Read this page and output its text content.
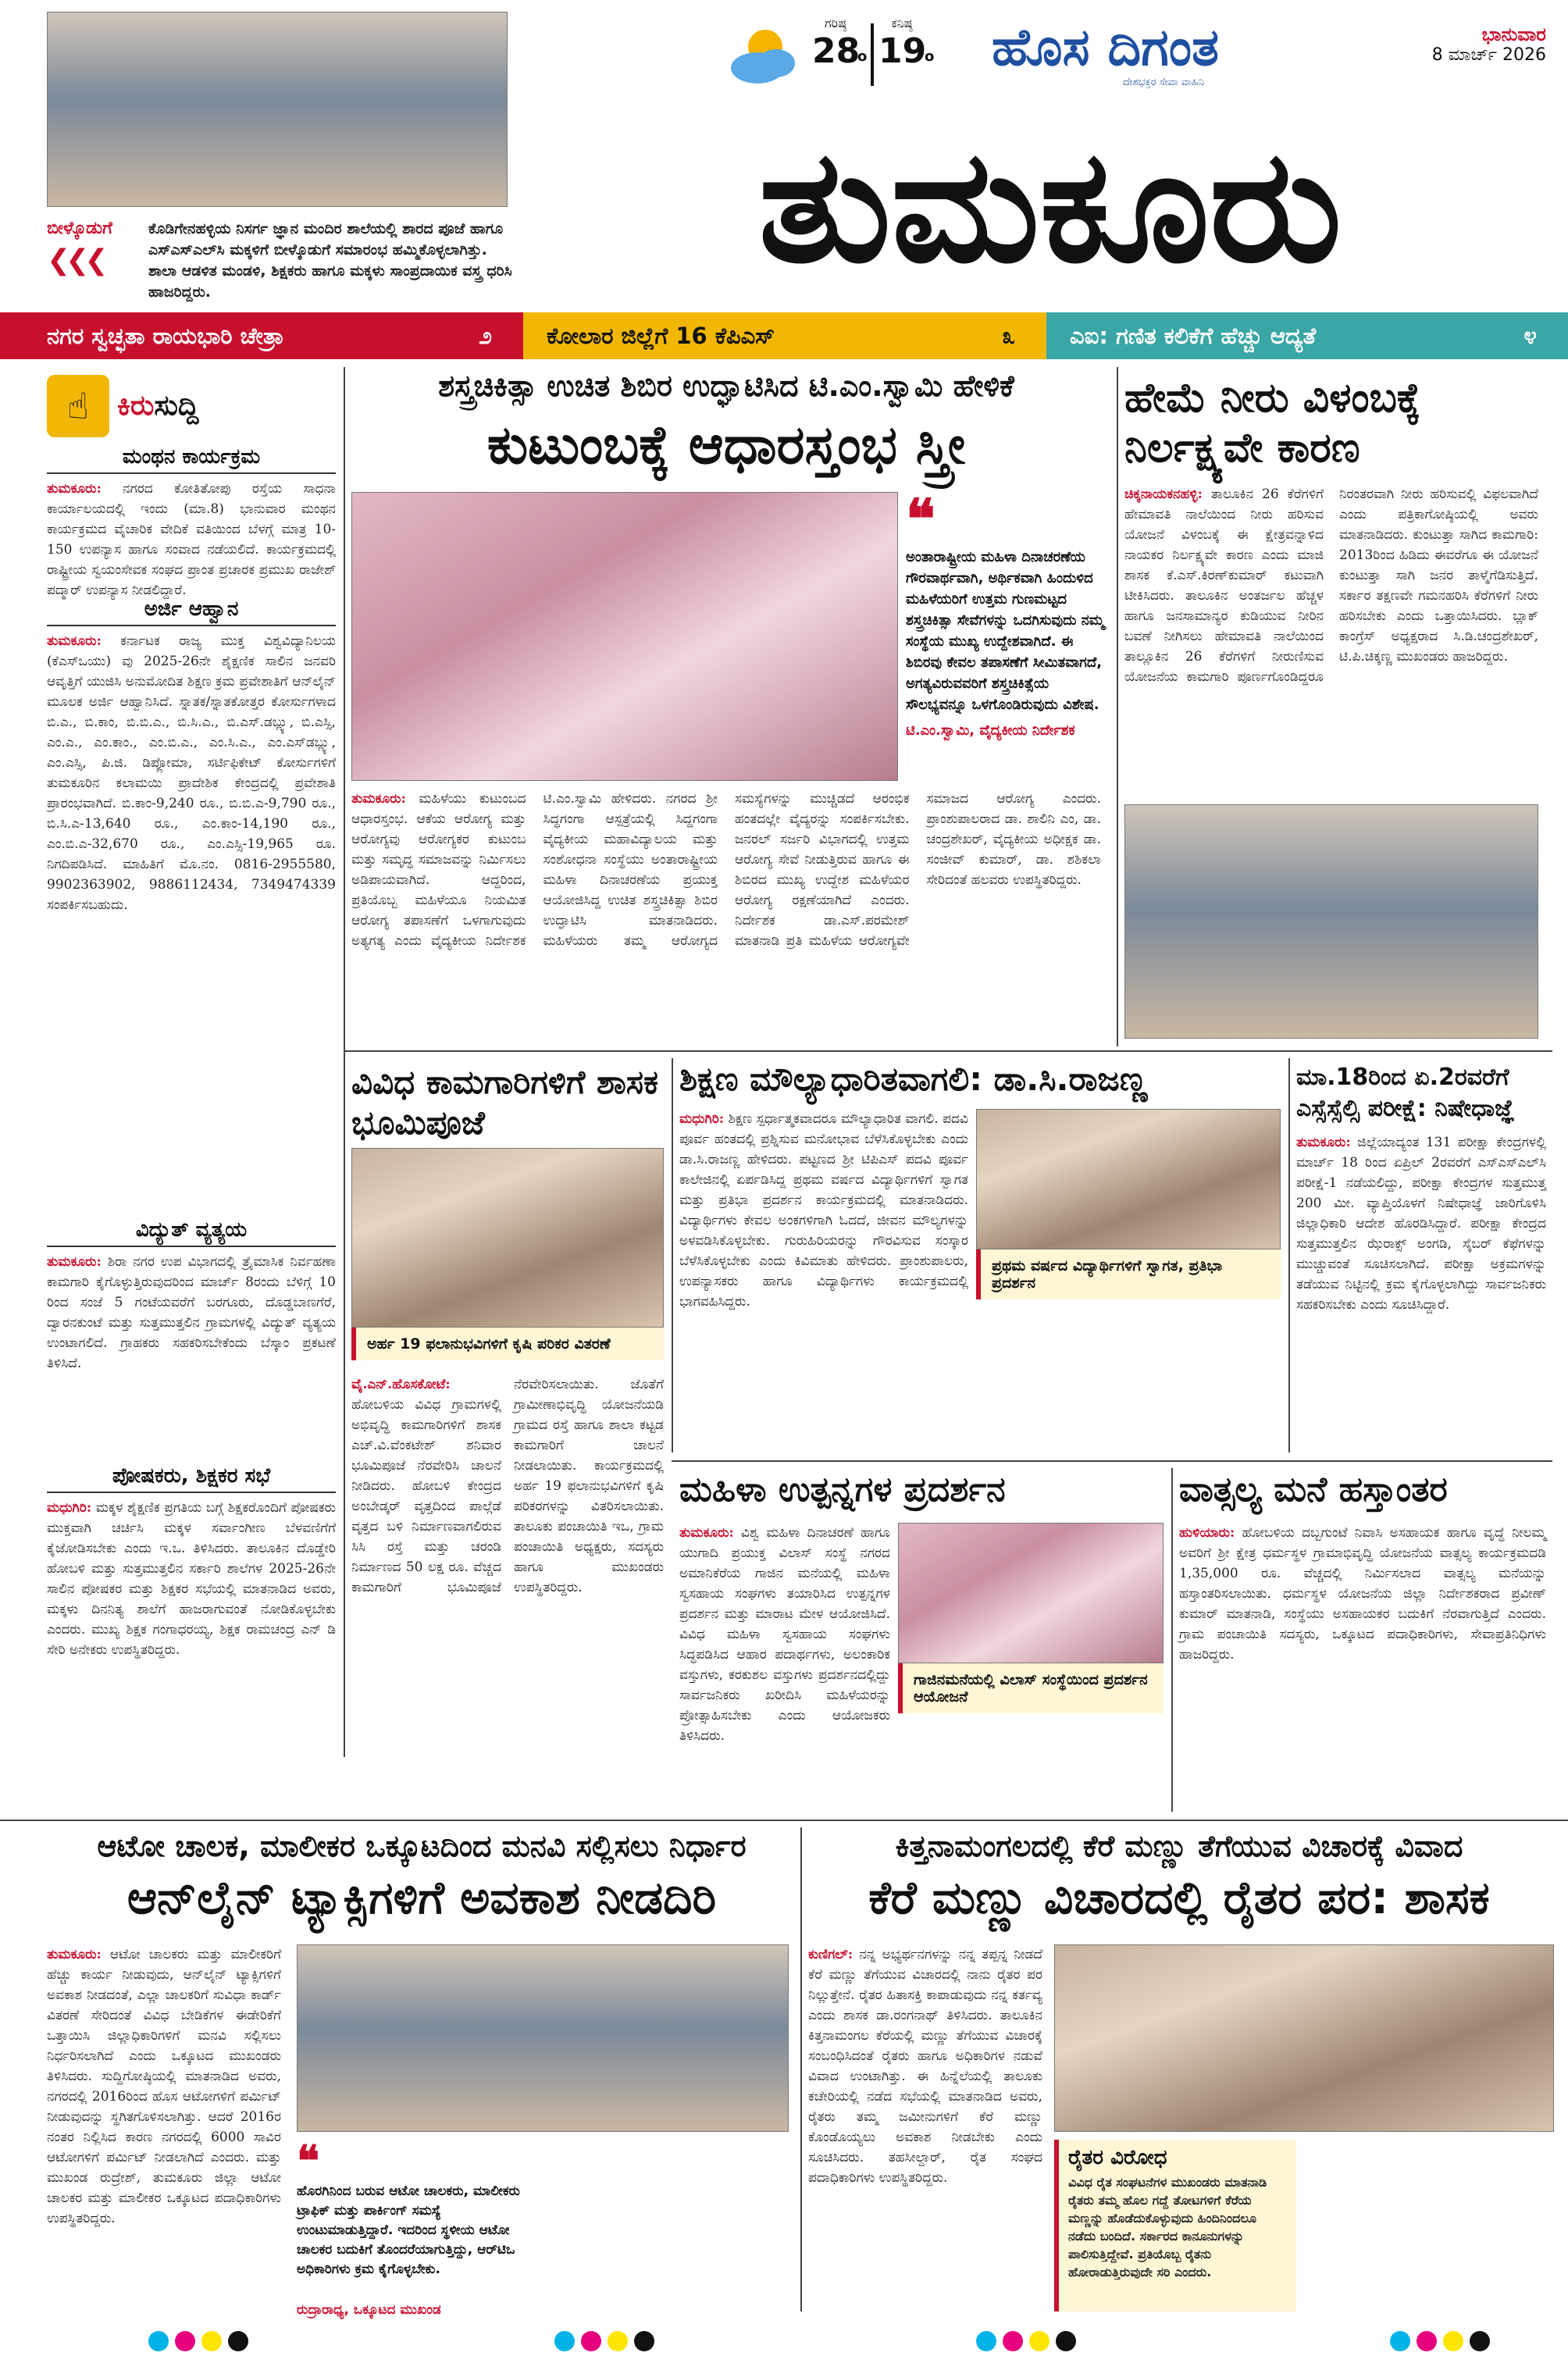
ಬೀಳ್ಕೊಡುಗೆ
❮❮❮
ಕೊಡಿಗೇನಹಳ್ಳಿಯ ನಿಸರ್ಗ ಜ್ಞಾನ ಮಂದಿರ ಶಾಲೆಯಲ್ಲಿ ಶಾರದ ಪೂಜೆ ಹಾಗೂ ಎಸ್‌ಎಸ್‌ಎಲ್‌ಸಿ ಮಕ್ಕಳಿಗೆ ಬೀಳ್ಕೊಡುಗೆ ಸಮಾರಂಭ ಹಮ್ಮಿಕೊಳ್ಳಲಾಗಿತ್ತು. ಶಾಲಾ ಆಡಳಿತ ಮಂಡಳಿ, ಶಿಕ್ಷಕರು ಹಾಗೂ ಮಕ್ಕಳು ಸಾಂಪ್ರದಾಯಿಕ ವಸ್ತ್ರ ಧರಿಸಿ ಹಾಜರಿದ್ದರು.
ಗರಿಷ್ಠ
28
o
ಕನಿಷ್ಠ
19
o ಹೊಸ ದಿಗಂತ
ದೇಶಭಕ್ತರ ಸೇವಾ ವಾಹಿನಿ
ಭಾನುವಾರ
8 ಮಾರ್ಚ್ 2026
ತುಮಕೂರು
ನಗರ ಸ್ವಚ್ಛತಾ ರಾಯಭಾರಿ ಚೇತ್ರಾ	೨	ಕೋಲಾರ ಜಿಲ್ಲೆಗೆ 16 ಕೆಪಿಎಸ್	೩	ಎಐ: ಗಣಿತ ಕಲಿಕೆಗೆ ಹೆಚ್ಚು ಆದ್ಯತೆ	೪
☝	ಕಿರುಸುದ್ದಿ
ಮಂಥನ ಕಾರ್ಯಕ್ರಮ
ತುಮಕೂರು: ನಗರದ ಕೋತಿತೋಪು ರಸ್ತೆಯ ಸಾಧನಾ ಕಾರ್ಯಾಲಯದಲ್ಲಿ ಇಂದು (ಮಾ.8) ಭಾನುವಾರ ಮಂಥನ ಕಾರ್ಯಕ್ರಮದ ವೈಚಾರಿಕ ವೇದಿಕೆ ವತಿಯಿಂದ ಬೆಳಗ್ಗೆ ಮಾತ್ರ 10-150 ಉಪನ್ಯಾಸ ಹಾಗೂ ಸಂವಾದ ನಡೆಯಲಿದೆ. ಕಾರ್ಯಕ್ರಮದಲ್ಲಿ ರಾಷ್ಟ್ರೀಯ ಸ್ವಯಂಸೇವಕ ಸಂಘದ ಪ್ರಾಂತ ಪ್ರಚಾರಕ ಪ್ರಮುಖ ರಾಜೇಶ್ ಪದ್ಮಾರ್ ಉಪನ್ಯಾಸ ನೀಡಲಿದ್ದಾರೆ.
ಅರ್ಜಿ ಆಹ್ವಾನ
ತುಮಕೂರು: ಕರ್ನಾಟಕ ರಾಜ್ಯ ಮುಕ್ತ ವಿಶ್ವವಿದ್ಯಾನಿಲಯ (ಕೆಎಸ್‌ಒಯು) ವು 2025-26ನೇ ಶೈಕ್ಷಣಿಕ ಸಾಲಿನ ಜನವರಿ ಆವೃತ್ತಿಗೆ ಯುಜಿಸಿ ಅನುಮೋದಿತ ಶಿಕ್ಷಣ ಕ್ರಮ ಪ್ರವೇಶಾತಿಗೆ ಆನ್‌ಲೈನ್ ಮೂಲಕ ಅರ್ಜಿ ಆಹ್ವಾನಿಸಿದೆ. ಸ್ನಾತಕ/ಸ್ನಾತಕೋತ್ತರ ಕೋರ್ಸುಗಳಾದ ಬಿ.ಎ., ಬಿ.ಕಾಂ, ಬಿ.ಬಿ.ಎ., ಬಿ.ಸಿ.ಎ., ಬಿ.ಎಸ್.ಡಬ್ಲ್ಯು, ಬಿ.ಎಸ್ಸಿ, ಎಂ.ಎ., ಎಂ.ಕಾಂ., ಎಂ.ಬಿ.ಎ., ಎಂ.ಸಿ.ಎ., ಎಂ.ಎಸ್‌ಡಬ್ಲ್ಯು, ಎಂ.ಎಸ್ಸಿ, ಪಿ.ಜಿ. ಡಿಪ್ಲೋಮಾ, ಸರ್ಟಿಫಿಕೇಟ್ ಕೋರ್ಸುಗಳಿಗೆ ತುಮಕೂರಿನ ಕಲಾಮಯಿ ಪ್ರಾದೇಶಿಕ ಕೇಂದ್ರದಲ್ಲಿ ಪ್ರವೇಶಾತಿ ಪ್ರಾರಂಭವಾಗಿದೆ. ಬಿ.ಕಾಂ-9,240 ರೂ., ಬಿ.ಬಿ.ಎ-9,790 ರೂ., ಬಿ.ಸಿ.ಎ-13,640 ರೂ., ಎಂ.ಕಾಂ-14,190 ರೂ., ಎಂ.ಬಿ.ಎ-32,670 ರೂ., ಎಂ.ಎಸ್ಸಿ-19,965 ರೂ. ನಿಗದಿಪಡಿಸಿದೆ. ಮಾಹಿತಿಗೆ ಮೊ.ನಂ. 0816-2955580, 9902363902, 9886112434, 7349474339 ಸಂಪರ್ಕಿಸಬಹುದು.
ವಿದ್ಯುತ್ ವ್ಯತ್ಯಯ
ತುಮಕೂರು: ಶಿರಾ ನಗರ ಉಪ ವಿಭಾಗದಲ್ಲಿ ತ್ರೈಮಾಸಿಕ ನಿರ್ವಹಣಾ ಕಾಮಗಾರಿ ಕೈಗೊಳ್ಳುತ್ತಿರುವುದರಿಂದ ಮಾರ್ಚ್ 8ರಂದು ಬೆಳಿಗ್ಗೆ 10 ರಿಂದ ಸಂಜೆ 5 ಗಂಟೆಯವರೆಗೆ ಬರಗೂರು, ದೊಡ್ಡಬಾಣಗೆರೆ, ದ್ವಾರನಕುಂಟೆ ಮತ್ತು ಸುತ್ತಮುತ್ತಲಿನ ಗ್ರಾಮಗಳಲ್ಲಿ ವಿದ್ಯುತ್ ವ್ಯತ್ಯಯ ಉಂಟಾಗಲಿದೆ. ಗ್ರಾಹಕರು ಸಹಕರಿಸಬೇಕೆಂದು ಬೆಸ್ಕಾಂ ಪ್ರಕಟಣೆ ತಿಳಿಸಿದೆ.
ಪೋಷಕರು, ಶಿಕ್ಷಕರ ಸಭೆ
ಮಧುಗಿರಿ: ಮಕ್ಕಳ ಶೈಕ್ಷಣಿಕ ಪ್ರಗತಿಯ ಬಗ್ಗೆ ಶಿಕ್ಷಕರೊಂದಿಗೆ ಪೋಷಕರು ಮುಕ್ತವಾಗಿ ಚರ್ಚಿಸಿ ಮಕ್ಕಳ ಸರ್ವಾಂಗೀಣ ಬೆಳವಣಿಗೆಗೆ ಕೈಜೋಡಿಸಬೇಕು ಎಂದು ಇ.ಒ. ತಿಳಿಸಿದರು. ತಾಲೂಕಿನ ದೊಡ್ಡೇರಿ ಹೋಬಳಿ ಮತ್ತು ಸುತ್ತಮುತ್ತಲಿನ ಸರ್ಕಾರಿ ಶಾಲೆಗಳ 2025-26ನೇ ಸಾಲಿನ ಪೋಷಕರ ಮತ್ತು ಶಿಕ್ಷಕರ ಸಭೆಯಲ್ಲಿ ಮಾತನಾಡಿದ ಅವರು, ಮಕ್ಕಳು ದಿನನಿತ್ಯ ಶಾಲೆಗೆ ಹಾಜರಾಗುವಂತೆ ನೋಡಿಕೊಳ್ಳಬೇಕು ಎಂದರು. ಮುಖ್ಯ ಶಿಕ್ಷಕ ಗಂಗಾಧರಯ್ಯ, ಶಿಕ್ಷಕ ರಾಮಚಂದ್ರ ಎನ್ ಡಿ ಸೇರಿ ಅನೇಕರು ಉಪಸ್ಥಿತರಿದ್ದರು.
ಶಸ್ತ್ರಚಿಕಿತ್ಸಾ ಉಚಿತ ಶಿಬಿರ ಉದ್ಘಾಟಿಸಿದ ಟಿ.ಎಂ.ಸ್ವಾಮಿ ಹೇಳಿಕೆ
ಕುಟುಂಬಕ್ಕೆ ಆಧಾರಸ್ತಂಭ ಸ್ತ್ರೀ
❝
ಅಂತಾರಾಷ್ಟ್ರೀಯ ಮಹಿಳಾ ದಿನಾಚರಣೆಯ ಗೌರವಾರ್ಥವಾಗಿ, ಅರ್ಥಿಕವಾಗಿ ಹಿಂದುಳಿದ ಮಹಿಳೆಯರಿಗೆ ಉತ್ತಮ ಗುಣಮಟ್ಟದ ಶಸ್ತ್ರಚಿಕಿತ್ಸಾ ಸೇವೆಗಳನ್ನು ಒದಗಿಸುವುದು ನಮ್ಮ ಸಂಸ್ಥೆಯ ಮುಖ್ಯ ಉದ್ದೇಶವಾಗಿದೆ. ಈ ಶಿಬಿರವು ಕೇವಲ ತಪಾಸಣೆಗೆ ಸೀಮಿತವಾಗದೆ, ಅಗತ್ಯವಿರುವವರಿಗೆ ಶಸ್ತ್ರಚಿಕಿತ್ಸೆಯ ಸೌಲಭ್ಯವನ್ನೂ ಒಳಗೊಂಡಿರುವುದು ವಿಶೇಷ.
ಟಿ.ಎಂ.ಸ್ವಾಮಿ, ವೈದ್ಯಕೀಯ ನಿರ್ದೇಶಕ
ತುಮಕೂರು: ಮಹಿಳೆಯು ಕುಟುಂಬದ ಆಧಾರಸ್ತಂಭ. ಆಕೆಯ ಆರೋಗ್ಯ ಮತ್ತು ಆರೋಗ್ಯವು ಆರೋಗ್ಯಕರ ಕುಟುಂಬ ಮತ್ತು ಸಮೃದ್ಧ ಸಮಾಜವನ್ನು ನಿರ್ಮಿಸಲು ಅಡಿಪಾಯವಾಗಿದೆ. ಆದ್ದರಿಂದ, ಪ್ರತಿಯೊಬ್ಬ ಮಹಿಳೆಯೂ ನಿಯಮಿತ ಆರೋಗ್ಯ ತಪಾಸಣೆಗೆ ಒಳಗಾಗುವುದು ಅತ್ಯಗತ್ಯ ಎಂದು ವೈದ್ಯಕೀಯ ನಿರ್ದೇಶಕ ಟಿ.ಎಂ.ಸ್ವಾಮಿ ಹೇಳಿದರು. ನಗರದ ಶ್ರೀ ಸಿದ್ಧಗಂಗಾ ಆಸ್ಪತ್ರೆಯಲ್ಲಿ ಸಿದ್ದಗಂಗಾ ವೈದ್ಯಕೀಯ ಮಹಾವಿದ್ಯಾಲಯ ಮತ್ತು ಸಂಶೋಧನಾ ಸಂಸ್ಥೆಯು ಅಂತಾರಾಷ್ಟ್ರೀಯ ಮಹಿಳಾ ದಿನಾಚರಣೆಯ ಪ್ರಯುಕ್ತ ಆಯೋಜಿಸಿದ್ದ ಉಚಿತ ಶಸ್ತ್ರಚಿಕಿತ್ಸಾ ಶಿಬಿರ ಉದ್ಘಾಟಿಸಿ ಮಾತನಾಡಿದರು. ಮಹಿಳೆಯರು ತಮ್ಮ ಆರೋಗ್ಯದ ಸಮಸ್ಯೆಗಳನ್ನು ಮುಚ್ಚಿಡದೆ ಆರಂಭಿಕ ಹಂತದಲ್ಲೇ ವೈದ್ಯರನ್ನು ಸಂಪರ್ಕಿಸಬೇಕು. ಜನರಲ್ ಸರ್ಜರಿ ವಿಭಾಗದಲ್ಲಿ ಉತ್ತಮ ಆರೋಗ್ಯ ಸೇವೆ ನೀಡುತ್ತಿರುವ ಹಾಗೂ ಈ ಶಿಬಿರದ ಮುಖ್ಯ ಉದ್ದೇಶ ಮಹಿಳೆಯರ ಆರೋಗ್ಯ ರಕ್ಷಣೆಯಾಗಿದೆ ಎಂದರು. ನಿರ್ದೇಶಕ ಡಾ.ಎಸ್.ಪರಮೇಶ್ ಮಾತನಾಡಿ ಪ್ರತಿ ಮಹಿಳೆಯ ಆರೋಗ್ಯವೇ ಸಮಾಜದ ಆರೋಗ್ಯ ಎಂದರು. ಪ್ರಾಂಶುಪಾಲರಾದ ಡಾ. ಶಾಲಿನಿ ಎಂ, ಡಾ. ಚಂದ್ರಶೇಖರ್, ವೈದ್ಯಕೀಯ ಅಧೀಕ್ಷಕ ಡಾ. ಸಂಜೀವ್ ಕುಮಾರ್, ಡಾ. ಶಶಿಕಲಾ ಸೇರಿದಂತೆ ಹಲವರು ಉಪಸ್ಥಿತರಿದ್ದರು.
ಹೇಮೆ ನೀರು ವಿಳಂಬಕ್ಕೆ ನಿರ್ಲಕ್ಷ್ಯವೇ ಕಾರಣ
ಚಿಕ್ಕನಾಯಕನಹಳ್ಳಿ: ತಾಲೂಕಿನ 26 ಕೆರೆಗಳಿಗೆ ಹೇಮಾವತಿ ನಾಲೆಯಿಂದ ನೀರು ಹರಿಸುವ ಯೋಜನೆ ವಿಳಂಬಕ್ಕೆ ಈ ಕ್ಷೇತ್ರವನ್ನಾಳಿದ ನಾಯಕರ ನಿರ್ಲಕ್ಷ್ಯವೇ ಕಾರಣ ಎಂದು ಮಾಜಿ ಶಾಸಕ ಕೆ.ಎಸ್.ಕಿರಣ್‌ಕುಮಾರ್ ಕಟುವಾಗಿ ಟೀಕಿಸಿದರು. ತಾಲೂಕಿನ ಅಂತರ್ಜಲ ಹೆಚ್ಚಳ ಹಾಗೂ ಜನಸಾಮಾನ್ಯರ ಕುಡಿಯುವ ನೀರಿನ ಬವಣೆ ನೀಗಿಸಲು ಹೇಮಾವತಿ ನಾಲೆಯಿಂದ ತಾಲ್ಲೂಕಿನ 26 ಕೆರೆಗಳಿಗೆ ನೀರುಣಿಸುವ ಯೋಜನೆಯ ಕಾಮಗಾರಿ ಪೂರ್ಣಗೊಂಡಿದ್ದರೂ ನಿರಂತರವಾಗಿ ನೀರು ಹರಿಸುವಲ್ಲಿ ವಿಫಲವಾಗಿದೆ ಎಂದು ಪತ್ರಿಕಾಗೋಷ್ಠಿಯಲ್ಲಿ ಅವರು ಮಾತನಾಡಿದರು. ಕುಂಟುತ್ತಾ ಸಾಗಿದ ಕಾಮಗಾರಿ: 2013ರಿಂದ ಹಿಡಿದು ಈವರೆಗೂ ಈ ಯೋಜನೆ ಕುಂಟುತ್ತಾ ಸಾಗಿ ಜನರ ತಾಳ್ಮೆಗೆಡಿಸುತ್ತಿದೆ. ಸರ್ಕಾರ ತಕ್ಷಣವೇ ಗಮನಹರಿಸಿ ಕೆರೆಗಳಿಗೆ ನೀರು ಹರಿಸಬೇಕು ಎಂದು ಒತ್ತಾಯಿಸಿದರು. ಬ್ಲಾಕ್ ಕಾಂಗ್ರೆಸ್ ಅಧ್ಯಕ್ಷರಾದ ಸಿ.ಡಿ.ಚಂದ್ರಶೇಖರ್, ಟಿ.ಪಿ.ಚಿಕ್ಕಣ್ಣ ಮುಖಂಡರು ಹಾಜರಿದ್ದರು.
ವಿವಿಧ ಕಾಮಗಾರಿಗಳಿಗೆ ಶಾಸಕ ಭೂಮಿಪೂಜೆ
ಅರ್ಹ 19 ಫಲಾನುಭವಿಗಳಿಗೆ ಕೃಷಿ ಪರಿಕರ ವಿತರಣೆ
ವೈ.ಎನ್.ಹೊಸಕೋಟೆ: ಹೋಬಳಿಯ ವಿವಿಧ ಗ್ರಾಮಗಳಲ್ಲಿ ಅಭಿವೃದ್ಧಿ ಕಾಮಗಾರಿಗಳಿಗೆ ಶಾಸಕ ಎಚ್.ವಿ.ವೆಂಕಟೇಶ್ ಶನಿವಾರ ಭೂಮಿಪೂಜೆ ನೆರವೇರಿಸಿ ಚಾಲನೆ ನೀಡಿದರು. ಹೋಬಳಿ ಕೇಂದ್ರದ ಅಂಬೇಡ್ಕರ್ ವೃತ್ತದಿಂದ ಪಾಲ್ಗೆಡೆ ವೃತ್ತದ ಬಳಿ ನಿರ್ಮಾಣವಾಗಲಿರುವ ಸಿಸಿ ರಸ್ತೆ ಮತ್ತು ಚರಂಡಿ ನಿರ್ಮಾಣದ 50 ಲಕ್ಷ ರೂ. ವೆಚ್ಚದ ಕಾಮಗಾರಿಗೆ ಭೂಮಿಪೂಜೆ ನೆರವೇರಿಸಲಾಯಿತು. ಜೊತೆಗೆ ಗ್ರಾಮೀಣಾಭಿವೃದ್ಧಿ ಯೋಜನೆಯಡಿ ಗ್ರಾಮದ ರಸ್ತೆ ಹಾಗೂ ಶಾಲಾ ಕಟ್ಟಡ ಕಾಮಗಾರಿಗೆ ಚಾಲನೆ ನೀಡಲಾಯಿತು. ಕಾರ್ಯಕ್ರಮದಲ್ಲಿ ಅರ್ಹ 19 ಫಲಾನುಭವಿಗಳಿಗೆ ಕೃಷಿ ಪರಿಕರಗಳನ್ನು ವಿತರಿಸಲಾಯಿತು. ತಾಲೂಕು ಪಂಚಾಯಿತಿ ಇಒ, ಗ್ರಾಮ ಪಂಚಾಯಿತಿ ಅಧ್ಯಕ್ಷರು, ಸದಸ್ಯರು ಹಾಗೂ ಮುಖಂಡರು ಉಪಸ್ಥಿತರಿದ್ದರು.
ಶಿಕ್ಷಣ ಮೌಲ್ಯಾಧಾರಿತವಾಗಲಿ: ಡಾ.ಸಿ.ರಾಜಣ್ಣ
ಮಧುಗಿರಿ: ಶಿಕ್ಷಣ ಸ್ಪರ್ಧಾತ್ಮಕವಾದರೂ ಮೌಲ್ಯಾಧಾರಿತ ವಾಗಲಿ. ಪದವಿ ಪೂರ್ವ ಹಂತದಲ್ಲಿ ಪ್ರಶ್ನಿಸುವ ಮನೋಭಾವ ಬೆಳೆಸಿಕೊಳ್ಳಬೇಕು ಎಂದು ಡಾ.ಸಿ.ರಾಜಣ್ಣ ಹೇಳಿದರು. ಪಟ್ಟಣದ ಶ್ರೀ ಟಿಪಿಎಸ್ ಪದವಿ ಪೂರ್ವ ಕಾಲೇಜಿನಲ್ಲಿ ಏರ್ಪಡಿಸಿದ್ದ ಪ್ರಥಮ ವರ್ಷದ ವಿದ್ಯಾರ್ಥಿಗಳಿಗೆ ಸ್ವಾಗತ ಮತ್ತು ಪ್ರತಿಭಾ ಪ್ರದರ್ಶನ ಕಾರ್ಯಕ್ರಮದಲ್ಲಿ ಮಾತನಾಡಿದರು. ವಿದ್ಯಾರ್ಥಿಗಳು ಕೇವಲ ಅಂಕಗಳಿಗಾಗಿ ಓದದೆ, ಜೀವನ ಮೌಲ್ಯಗಳನ್ನು ಅಳವಡಿಸಿಕೊಳ್ಳಬೇಕು. ಗುರುಹಿರಿಯರನ್ನು ಗೌರವಿಸುವ ಸಂಸ್ಕಾರ ಬೆಳೆಸಿಕೊಳ್ಳಬೇಕು ಎಂದು ಕಿವಿಮಾತು ಹೇಳಿದರು. ಪ್ರಾಂಶುಪಾಲರು, ಉಪನ್ಯಾಸಕರು ಹಾಗೂ ವಿದ್ಯಾರ್ಥಿಗಳು ಕಾರ್ಯಕ್ರಮದಲ್ಲಿ ಭಾಗವಹಿಸಿದ್ದರು.
ಪ್ರಥಮ ವರ್ಷದ ವಿದ್ಯಾರ್ಥಿಗಳಿಗೆ ಸ್ವಾಗತ, ಪ್ರತಿಭಾ ಪ್ರದರ್ಶನ
ಮಾ.18ರಿಂದ ಏ.2ರವರೆಗೆ ಎಸ್ಸೆಸ್ಸೆಲ್ಸಿ ಪರೀಕ್ಷೆ: ನಿಷೇಧಾಜ್ಞೆ
ತುಮಕೂರು: ಜಿಲ್ಲೆಯಾದ್ಯಂತ 131 ಪರೀಕ್ಷಾ ಕೇಂದ್ರಗಳಲ್ಲಿ ಮಾರ್ಚ್ 18 ರಿಂದ ಏಪ್ರಿಲ್ 2ರವರೆಗೆ ಎಸ್‌ಎಸ್‌ಎಲ್‌ಸಿ ಪರೀಕ್ಷೆ-1 ನಡೆಯಲಿದ್ದು, ಪರೀಕ್ಷಾ ಕೇಂದ್ರಗಳ ಸುತ್ತಮುತ್ತ 200 ಮೀ. ವ್ಯಾಪ್ತಿಯೊಳಗೆ ನಿಷೇಧಾಜ್ಞೆ ಜಾರಿಗೊಳಿಸಿ ಜಿಲ್ಲಾಧಿಕಾರಿ ಆದೇಶ ಹೊರಡಿಸಿದ್ದಾರೆ. ಪರೀಕ್ಷಾ ಕೇಂದ್ರದ ಸುತ್ತಮುತ್ತಲಿನ ಝೆರಾಕ್ಸ್ ಅಂಗಡಿ, ಸೈಬರ್ ಕೆಫೆಗಳನ್ನು ಮುಚ್ಚುವಂತೆ ಸೂಚಿಸಲಾಗಿದೆ. ಪರೀಕ್ಷಾ ಅಕ್ರಮಗಳನ್ನು ತಡೆಯುವ ನಿಟ್ಟಿನಲ್ಲಿ ಕ್ರಮ ಕೈಗೊಳ್ಳಲಾಗಿದ್ದು ಸಾರ್ವಜನಿಕರು ಸಹಕರಿಸಬೇಕು ಎಂದು ಸೂಚಿಸಿದ್ದಾರೆ.
ಮಹಿಳಾ ಉತ್ಪನ್ನಗಳ ಪ್ರದರ್ಶನ
ತುಮಕೂರು: ವಿಶ್ವ ಮಹಿಳಾ ದಿನಾಚರಣೆ ಹಾಗೂ ಯುಗಾದಿ ಪ್ರಯುಕ್ತ ವಿಲಾಸ್ ಸಂಸ್ಥೆ ನಗರದ ಅಮಾನಿಕೆರೆಯ ಗಾಜಿನ ಮನೆಯಲ್ಲಿ ಮಹಿಳಾ ಸ್ವಸಹಾಯ ಸಂಘಗಳು ತಯಾರಿಸಿದ ಉತ್ಪನ್ನಗಳ ಪ್ರದರ್ಶನ ಮತ್ತು ಮಾರಾಟ ಮೇಳ ಆಯೋಜಿಸಿದೆ. ವಿವಿಧ ಮಹಿಳಾ ಸ್ವಸಹಾಯ ಸಂಘಗಳು ಸಿದ್ಧಪಡಿಸಿದ ಆಹಾರ ಪದಾರ್ಥಗಳು, ಅಲಂಕಾರಿಕ ವಸ್ತುಗಳು, ಕರಕುಶಲ ವಸ್ತುಗಳು ಪ್ರದರ್ಶನದಲ್ಲಿದ್ದು ಸಾರ್ವಜನಿಕರು ಖರೀದಿಸಿ ಮಹಿಳೆಯರನ್ನು ಪ್ರೋತ್ಸಾಹಿಸಬೇಕು ಎಂದು ಆಯೋಜಕರು ತಿಳಿಸಿದರು.
ಗಾಜಿನಮನೆಯಲ್ಲಿ ವಿಲಾಸ್ ಸಂಸ್ಥೆಯಿಂದ ಪ್ರದರ್ಶನ ಆಯೋಜನೆ
ವಾತ್ಸಲ್ಯ ಮನೆ ಹಸ್ತಾಂತರ
ಹುಳಿಯಾರು: ಹೋಬಳಿಯ ದಬ್ಬಗುಂಟೆ ನಿವಾಸಿ ಅಸಹಾಯಕ ಹಾಗೂ ವೃದ್ಧೆ ನೀಲಮ್ಮ ಅವರಿಗೆ ಶ್ರೀ ಕ್ಷೇತ್ರ ಧರ್ಮಸ್ಥಳ ಗ್ರಾಮಾಭಿವೃದ್ಧಿ ಯೋಜನೆಯ ವಾತ್ಸಲ್ಯ ಕಾರ್ಯಕ್ರಮದಡಿ 1,35,000 ರೂ. ವೆಚ್ಚದಲ್ಲಿ ನಿರ್ಮಿಸಲಾದ ವಾತ್ಸಲ್ಯ ಮನೆಯನ್ನು ಹಸ್ತಾಂತರಿಸಲಾಯಿತು. ಧರ್ಮಸ್ಥಳ ಯೋಜನೆಯ ಜಿಲ್ಲಾ ನಿರ್ದೇಶಕರಾದ ಪ್ರವೀಣ್ ಕುಮಾರ್ ಮಾತನಾಡಿ, ಸಂಸ್ಥೆಯು ಅಸಹಾಯಕರ ಬದುಕಿಗೆ ನೆರವಾಗುತ್ತಿದೆ ಎಂದರು. ಗ್ರಾಮ ಪಂಚಾಯಿತಿ ಸದಸ್ಯರು, ಒಕ್ಕೂಟದ ಪದಾಧಿಕಾರಿಗಳು, ಸೇವಾಪ್ರತಿನಿಧಿಗಳು ಹಾಜರಿದ್ದರು.
ಆಟೋ ಚಾಲಕ, ಮಾಲೀಕರ ಒಕ್ಕೂಟದಿಂದ ಮನವಿ ಸಲ್ಲಿಸಲು ನಿರ್ಧಾರ
ಆನ್‌ಲೈನ್ ಟ್ಯಾಕ್ಸಿಗಳಿಗೆ ಅವಕಾಶ ನೀಡದಿರಿ
ತುಮಕೂರು: ಆಟೋ ಚಾಲಕರು ಮತ್ತು ಮಾಲೀಕರಿಗೆ ಹೆಚ್ಚು ಕಾರ್ಯ ನೀಡುವುದು, ಆನ್‌ಲೈನ್ ಟ್ಯಾಕ್ಸಿಗಳಿಗೆ ಅವಕಾಶ ನೀಡದಂತೆ, ಎಲ್ಲಾ ಚಾಲಕರಿಗೆ ಸುವಿಧಾ ಕಾರ್ಡ್ ವಿತರಣೆ ಸೇರಿದಂತೆ ವಿವಿಧ ಬೇಡಿಕೆಗಳ ಈಡೇರಿಕೆಗೆ ಒತ್ತಾಯಿಸಿ ಜಿಲ್ಲಾಧಿಕಾರಿಗಳಿಗೆ ಮನವಿ ಸಲ್ಲಿಸಲು ನಿರ್ಧರಿಸಲಾಗಿದೆ ಎಂದು ಒಕ್ಕೂಟದ ಮುಖಂಡರು ತಿಳಿಸಿದರು. ಸುದ್ದಿಗೋಷ್ಠಿಯಲ್ಲಿ ಮಾತನಾಡಿದ ಅವರು, ನಗರದಲ್ಲಿ 2016ರಿಂದ ಹೊಸ ಆಟೋಗಳಿಗೆ ಪರ್ಮಿಟ್ ನೀಡುವುದನ್ನು ಸ್ಥಗಿತಗೊಳಿಸಲಾಗಿತ್ತು. ಆದರೆ 2016ರ ನಂತರ ನಿಲ್ಲಿಸಿದ ಕಾರಣ ನಗರದಲ್ಲಿ 6000 ಸಾವಿರ ಆಟೋಗಳಿಗೆ ಪರ್ಮಿಟ್ ನೀಡಲಾಗಿದೆ ಎಂದರು. ಮತ್ತು ಮುಖಂಡ ರುದ್ರೇಶ್, ತುಮಕೂರು ಜಿಲ್ಲಾ ಆಟೋ ಚಾಲಕರ ಮತ್ತು ಮಾಲೀಕರ ಒಕ್ಕೂಟದ ಪದಾಧಿಕಾರಿಗಳು ಉಪಸ್ಥಿತರಿದ್ದರು.
❝
ಹೊರಗಿನಿಂದ ಬರುವ ಆಟೋ ಚಾಲಕರು, ಮಾಲೀಕರು ಟ್ರಾಫಿಕ್ ಮತ್ತು ಪಾರ್ಕಿಂಗ್ ಸಮಸ್ಯೆ ಉಂಟುಮಾಡುತ್ತಿದ್ದಾರೆ. ಇದರಿಂದ ಸ್ಥಳೀಯ ಆಟೋ ಚಾಲಕರ ಬದುಕಿಗೆ ತೊಂದರೆಯಾಗುತ್ತಿದ್ದು, ಆರ್‌ಟಿಒ ಅಧಿಕಾರಿಗಳು ಕ್ರಮ ಕೈಗೊಳ್ಳಬೇಕು.
ರುದ್ರಾರಾಧ್ಯ, ಒಕ್ಕೂಟದ ಮುಖಂಡ
ಕಿತ್ತನಾಮಂಗಲದಲ್ಲಿ ಕೆರೆ ಮಣ್ಣು ತೆಗೆಯುವ ವಿಚಾರಕ್ಕೆ ವಿವಾದ
ಕೆರೆ ಮಣ್ಣು ವಿಚಾರದಲ್ಲಿ ರೈತರ ಪರ: ಶಾಸಕ
ಕುಣಿಗಲ್: ನನ್ನ ಅಭ್ಯರ್ಥನಗಳನ್ನು ನನ್ನ ತಪ್ಪನ್ನ ನೀಡದೆ ಕೆರೆ ಮಣ್ಣು ತೆಗೆಯುವ ವಿಚಾರದಲ್ಲಿ ನಾನು ರೈತರ ಪರ ನಿಲ್ಲುತ್ತೇನೆ. ರೈತರ ಹಿತಾಸಕ್ತಿ ಕಾಪಾಡುವುದು ನನ್ನ ಕರ್ತವ್ಯ ಎಂದು ಶಾಸಕ ಡಾ.ರಂಗನಾಥ್ ತಿಳಿಸಿದರು. ತಾಲೂಕಿನ ಕಿತ್ತನಾಮಂಗಲ ಕೆರೆಯಲ್ಲಿ ಮಣ್ಣು ತೆಗೆಯುವ ವಿಚಾರಕ್ಕೆ ಸಂಬಂಧಿಸಿದಂತೆ ರೈತರು ಹಾಗೂ ಅಧಿಕಾರಿಗಳ ನಡುವೆ ವಿವಾದ ಉಂಟಾಗಿತ್ತು. ಈ ಹಿನ್ನೆಲೆಯಲ್ಲಿ ತಾಲೂಕು ಕಚೇರಿಯಲ್ಲಿ ನಡೆದ ಸಭೆಯಲ್ಲಿ ಮಾತನಾಡಿದ ಅವರು, ರೈತರು ತಮ್ಮ ಜಮೀನುಗಳಿಗೆ ಕೆರೆ ಮಣ್ಣು ಕೊಂಡೊಯ್ಯಲು ಅವಕಾಶ ನೀಡಬೇಕು ಎಂದು ಸೂಚಿಸಿದರು. ತಹಸೀಲ್ದಾರ್, ರೈತ ಸಂಘದ ಪದಾಧಿಕಾರಿಗಳು ಉಪಸ್ಥಿತರಿದ್ದರು.
ರೈತರ ವಿರೋಧ
ವಿವಿಧ ರೈತ ಸಂಘಟನೆಗಳ ಮುಖಂಡರು ಮಾತನಾಡಿ ರೈತರು ತಮ್ಮ ಹೊಲ ಗದ್ದೆ ತೋಟಗಳಿಗೆ ಕೆರೆಯ ಮಣ್ಣನ್ನು ಹೊಡೆದುಕೊಳ್ಳುವುದು ಹಿಂದಿನಿಂದಲೂ ನಡೆದು ಬಂದಿದೆ. ಸರ್ಕಾರದ ಕಾನೂನುಗಳನ್ನು ಪಾಲಿಸುತ್ತಿದ್ದೇವೆ. ಪ್ರತಿಯೊಬ್ಬ ರೈತನು ಹೋರಾಡುತ್ತಿರುವುದೇ ಸರಿ ಎಂದರು.
